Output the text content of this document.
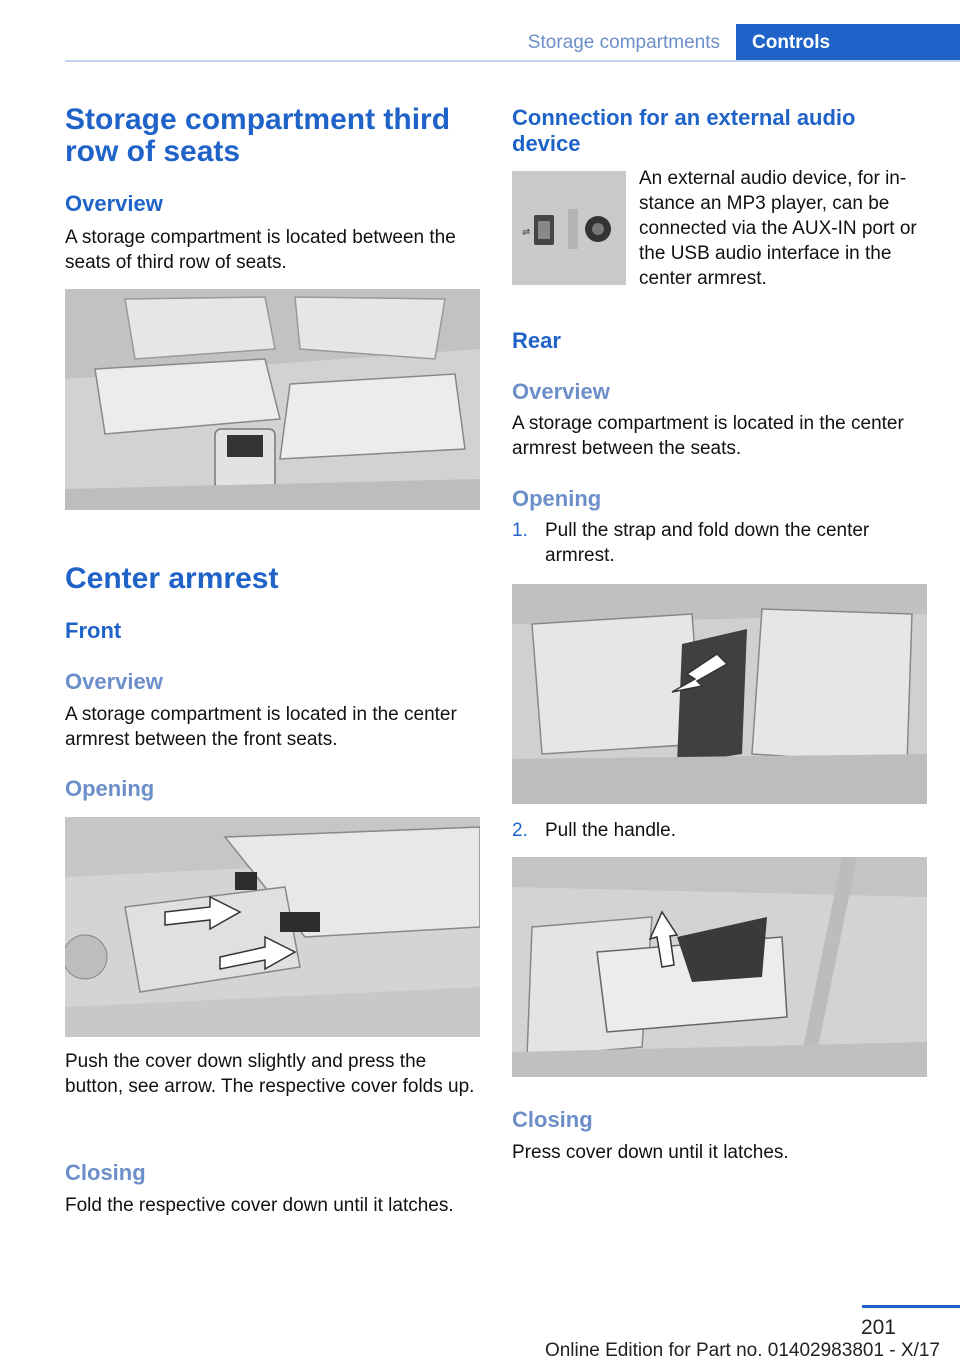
Storage compartments	Controls
Storage compartment third row of seats
Overview
A storage compartment is located between the seats of third row of seats.
Center armrest
Front
Overview
A storage compartment is located in the center armrest between the front seats.
Opening
Push the cover down slightly and press the button, see arrow. The respective cover folds up.
Closing
Fold the respective cover down until it latches.
Connection for an external audio device
⇌
An external audio device, for in‐stance an MP3 player, can be connected via the AUX-IN port or the USB audio interface in the center armrest.
Rear
Overview
A storage compartment is located in the center armrest between the seats.
Opening
1. Pull the strap and fold down the center armrest.
2. Pull the handle.
Closing
Press cover down until it latches.
201
Online Edition for Part no. 01402983801 - X/17
